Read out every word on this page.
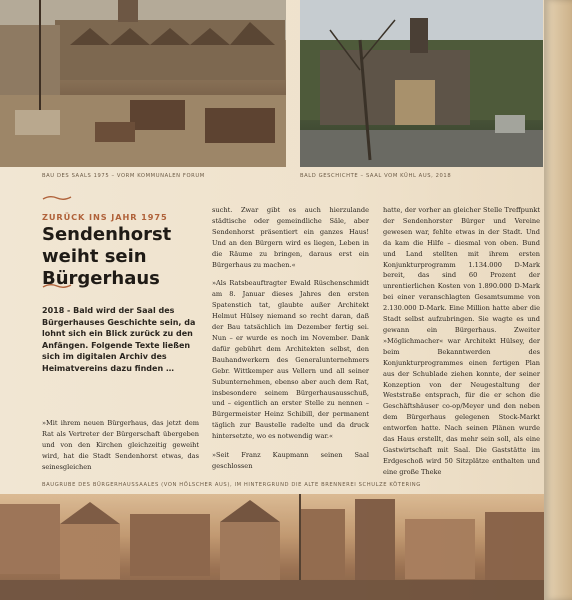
BAU DES SAALS 1975 – VORM KOMMUNALEN FORUM	BALD GESCHICHTE – SAAL VOM KÜHL AUS, 2018
ZURÜCK INS JAHR 1975
Sendenhorst weiht sein Bürgerhaus
2018 - Bald wird der Saal des Bürgerhauses Geschichte sein, da lohnt sich ein Blick zurück zu den Anfängen. Folgende Texte ließen sich im digitalen Archiv des Heimatvereins dazu finden …

»Mit ihrem neuen Bürgerhaus, das jetzt dem Rat als Vertreter der Bürgerschaft übergeben und von den Kirchen gleichzeitig geweiht wird, hat die Stadt Sendenhorst etwas, das seinesgleichen

sucht. Zwar gibt es auch hierzulande städtische oder gemeindliche Säle, aber Sendenhorst präsentiert ein ganzes Haus! Und an den Bürgern wird es liegen, Leben in die Räume zu bringen, daraus erst ein Bürgerhaus zu machen.«

»Als Ratsbeauftragter Ewald Rüschenschmidt am 8. Januar dieses Jahres den ersten Spatenstich tat, glaubte außer Architekt Helmut Hülsey niemand so recht daran, daß der Bau tatsächlich im Dezember fertig sei. Nun – er wurde es noch im November. Dank dafür gebührt dem Architekten selbst, den Bauhandwerkern des Generalunternehmers Gebr. Wittkemper aus Vellern und all seiner Subunternehmen, ebenso aber auch dem Rat, insbesondere seinem Bürgerhausausschuß, und – eigentlich an erster Stelle zu nennen – Bürgermeister Heinz Schibill, der permanent täglich zur Baustelle radelte und da druck hintersetzte, wo es notwendig war.«

»Seit Franz Kaupmann seinen Saal geschlossen

hatte, der vorher an gleicher Stelle Treffpunkt der Sendenhorster Bürger und Vereine gewesen war, fehlte etwas in der Stadt. Und da kam die Hilfe – diesmal von oben. Bund und Land stellten mit ihrem ersten Konjunkturprogramm 1.134.000 D-Mark bereit, das sind 60 Prozent der unrentierlichen Kosten von 1.890.000 D-Mark bei einer veranschlagten Gesamtsumme von 2.130.000 D-Mark. Eine Million hatte aber die Stadt selbst aufzubringen. Sie wagte es und gewann ein Bürgerhaus. Zweiter »Möglichmacher« war Architekt Hülsey, der beim Bekanntwerden des Konjunkturprogrammes einen fertigen Plan aus der Schublade ziehen konnte, der seiner Konzeption von der Neugestaltung der Weststraße entsprach, für die er schon die Geschäftshäuser co-op/Meyer und den neben dem Bürgerhaus gelegenen Stock-Markt entworfen hatte. Nach seinen Plänen wurde das Haus erstellt, das mehr sein soll, als eine Gastwirtschaft mit Saal. Die Gaststätte im Erdgeschoß wird 50 Sitzplätze enthalten und eine große Theke

BAUGRUBE DES BÜRGERHAUSSAALES (VON HÖLSCHER AUS), IM HINTERGRUND DIE ALTE BRENNEREI SCHULZE KÖTERING
